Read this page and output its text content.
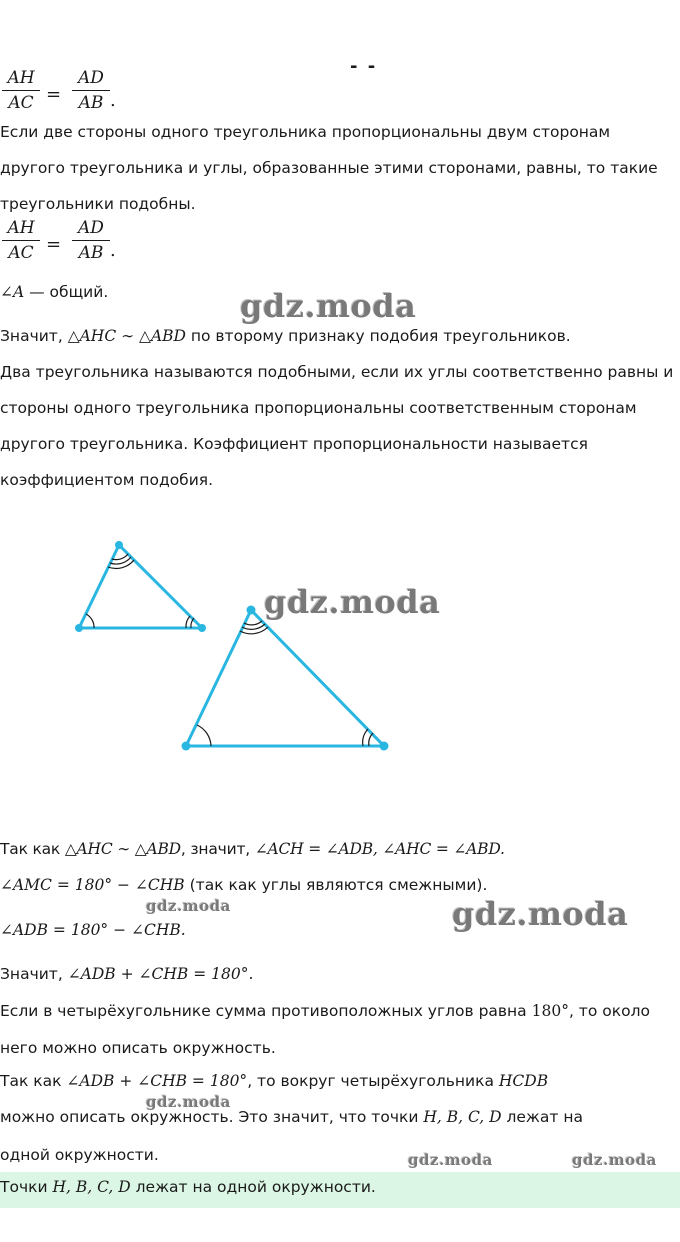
- -
AH
AC =
AD
AB .
Если две стороны одного треугольника пропорциональны двум сторонам другого треугольника и углы, образованные этими сторонами, равны, то такие треугольники подобны.
AH
AC =
AD
AB .
∠A — общий.	gdz.moda
Значит, △AHC ∼ △ABD по второму признаку подобия треугольников.
Два треугольника называются подобными, если их углы соответственно равны и стороны одного треугольника пропорциональны соответственным сторонам другого треугольника. Коэффициент пропорциональности называется коэффициентом подобия.
gdz.moda
Так как △AHC ∼ △ABD, значит, ∠ACH = ∠ADB, ∠AHC = ∠ABD.
∠AMC = 180° − ∠CHB (так как углы являются смежными).
gdz.moda	gdz.moda
∠ADB = 180° − ∠CHB.
Значит, ∠ADB + ∠CHB = 180°.
Если в четырёхугольнике сумма противоположных углов равна 180°, то около
него можно описать окружность.
Так как ∠ADB + ∠CHB = 180°, то вокруг четырёхугольника HCDB
gdz.moda
можно описать окружность. Это значит, что точки H, B, C, D лежат на
одной окружности.	gdz.moda	gdz.moda
Точки H, B, C, D лежат на одной окружности.
